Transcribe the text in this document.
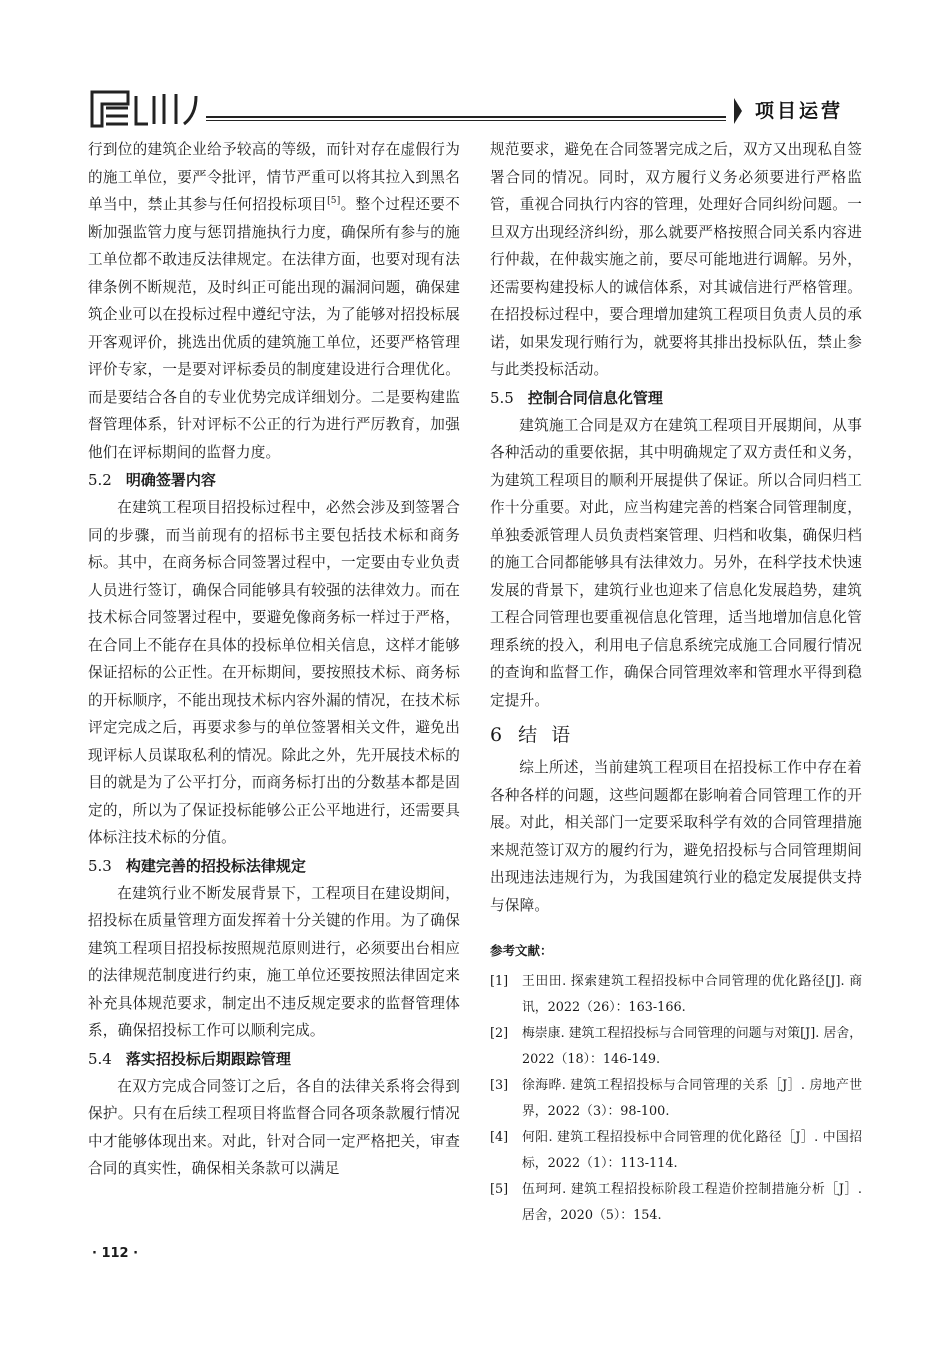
项目运营

行到位的建筑企业给予较高的等级，而针对存在虚假行为的施工单位，要严令批评，情节严重可以将其拉入到黑名单当中，禁止其参与任何招投标项目[5]。整个过程还要不断加强监管力度与惩罚措施执行力度，确保所有参与的施工单位都不敢违反法律规定。在法律方面，也要对现有法律条例不断规范，及时纠正可能出现的漏洞问题，确保建筑企业可以在投标过程中遵纪守法，为了能够对招投标展开客观评价，挑选出优质的建筑施工单位，还要严格管理评价专家，一是要对评标委员的制度建设进行合理优化。而是要结合各自的专业优势完成详细划分。二是要构建监督管理体系，针对评标不公正的行为进行严厉教育，加强他们在评标期间的监督力度。

5.2 明确签署内容

在建筑工程项目招投标过程中，必然会涉及到签署合同的步骤，而当前现有的招标书主要包括技术标和商务标。其中，在商务标合同签署过程中，一定要由专业负责人员进行签订，确保合同能够具有较强的法律效力。而在技术标合同签署过程中，要避免像商务标一样过于严格，在合同上不能存在具体的投标单位相关信息，这样才能够保证招标的公正性。在开标期间，要按照技术标、商务标的开标顺序，不能出现技术标内容外漏的情况，在技术标评定完成之后，再要求参与的单位签署相关文件，避免出现评标人员谋取私利的情况。除此之外，先开展技术标的目的就是为了公平打分，而商务标打出的分数基本都是固定的，所以为了保证投标能够公正公平地进行，还需要具体标注技术标的分值。

5.3 构建完善的招投标法律规定

在建筑行业不断发展背景下，工程项目在建设期间，招投标在质量管理方面发挥着十分关键的作用。为了确保建筑工程项目招投标按照规范原则进行，必须要出台相应的法律规范制度进行约束，施工单位还要按照法律固定来补充具体规范要求，制定出不违反规定要求的监督管理体系，确保招投标工作可以顺利完成。

5.4 落实招投标后期跟踪管理

在双方完成合同签订之后，各自的法律关系将会得到保护。只有在后续工程项目将监督合同各项条款履行情况中才能够体现出来。对此，针对合同一定严格把关，审查合同的真实性，确保相关条款可以满足

规范要求，避免在合同签署完成之后，双方又出现私自签署合同的情况。同时，双方履行义务必须要进行严格监管，重视合同执行内容的管理，处理好合同纠纷问题。一旦双方出现经济纠纷，那么就要严格按照合同关系内容进行仲裁，在仲裁实施之前，要尽可能地进行调解。另外，还需要构建投标人的诚信体系，对其诚信进行严格管理。在招投标过程中，要合理增加建筑工程项目负责人员的承诺，如果发现行贿行为，就要将其排出投标队伍，禁止参与此类投标活动。

5.5 控制合同信息化管理

建筑施工合同是双方在建筑工程项目开展期间，从事各种活动的重要依据，其中明确规定了双方责任和义务，为建筑工程项目的顺利开展提供了保证。所以合同归档工作十分重要。对此，应当构建完善的档案合同管理制度，单独委派管理人员负责档案管理、归档和收集，确保归档的施工合同都能够具有法律效力。另外，在科学技术快速发展的背景下，建筑行业也迎来了信息化发展趋势，建筑工程合同管理也要重视信息化管理，适当地增加信息化管理系统的投入，利用电子信息系统完成施工合同履行情况的查询和监督工作，确保合同管理效率和管理水平得到稳定提升。

6 结 语

综上所述，当前建筑工程项目在招投标工作中存在着各种各样的问题，这些问题都在影响着合同管理工作的开展。对此，相关部门一定要采取科学有效的合同管理措施来规范签订双方的履约行为，避免招投标与合同管理期间出现违法违规行为，为我国建筑行业的稳定发展提供支持与保障。

参考文献：
[1]	王田田. 探索建筑工程招投标中合同管理的优化路径[J]. 商讯，2022（26）：163-166.
[2]	梅崇康. 建筑工程招投标与合同管理的问题与对策[J]. 居舍，2022（18）：146-149.
[3]	徐海晔. 建筑工程招投标与合同管理的关系［J］. 房地产世界，2022（3）：98-100.
[4]	何阳. 建筑工程招投标中合同管理的优化路径［J］. 中国招标，2022（1）：113-114.
[5]	伍珂珂. 建筑工程招投标阶段工程造价控制措施分析［J］. 居舍，2020（5）：154.
· 112 ·
